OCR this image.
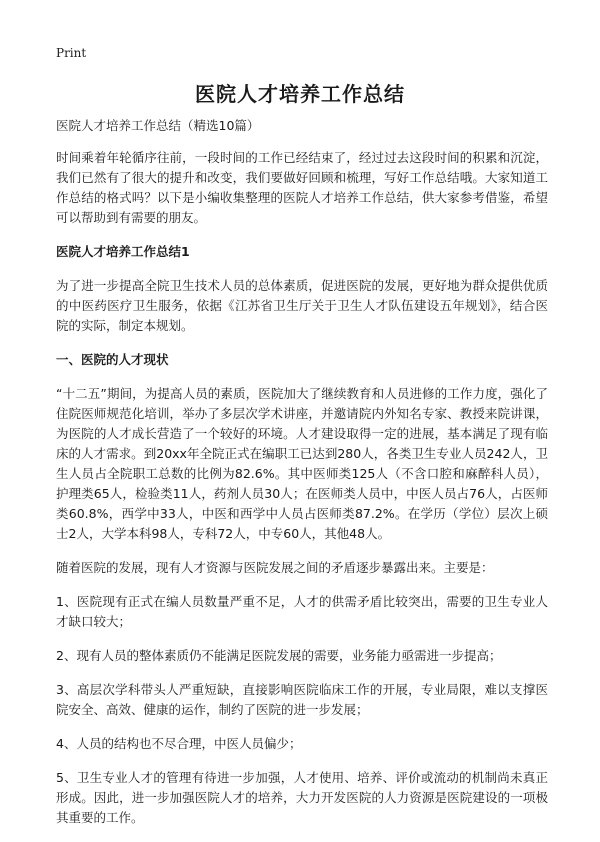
Print
医院人才培养工作总结

医院人才培养工作总结（精选10篇）

时间乘着年轮循序往前，一段时间的工作已经结束了，经过过去这段时间的积累和沉淀，我们已然有了很大的提升和改变，我们要做好回顾和梳理，写好工作总结哦。大家知道工作总结的格式吗？以下是小编收集整理的医院人才培养工作总结，供大家参考借鉴，希望可以帮助到有需要的朋友。

医院人才培养工作总结1

为了进一步提高全院卫生技术人员的总体素质，促进医院的发展，更好地为群众提供优质的中医药医疗卫生服务，依据《江苏省卫生厅关于卫生人才队伍建设五年规划》，结合医院的实际，制定本规划。

一、医院的人才现状

“十二五”期间，为提高人员的素质，医院加大了继续教育和人员进修的工作力度，强化了住院医师规范化培训，举办了多层次学术讲座，并邀请院内外知名专家、教授来院讲课，为医院的人才成长营造了一个较好的环境。人才建设取得一定的进展，基本满足了现有临床的人才需求。到20xx年全院正式在编职工已达到280人，各类卫生专业人员242人，卫生人员占全院职工总数的比例为82.6%。其中医师类125人（不含口腔和麻醉科人员），护理类65人，检验类11人，药剂人员30人；在医师类人员中，中医人员占76人，占医师类60.8%，西学中33人，中医和西学中人员占医师类87.2%。在学历（学位）层次上硕士2人，大学本科98人，专科72人，中专60人，其他48人。

随着医院的发展，现有人才资源与医院发展之间的矛盾逐步暴露出来。主要是：

1、医院现有正式在编人员数量严重不足，人才的供需矛盾比较突出，需要的卫生专业人才缺口较大；

2、现有人员的整体素质仍不能满足医院发展的需要，业务能力亟需进一步提高；

3、高层次学科带头人严重短缺，直接影响医院临床工作的开展，专业局限，难以支撑医院安全、高效、健康的运作，制约了医院的进一步发展；

4、人员的结构也不尽合理，中医人员偏少；

5、卫生专业人才的管理有待进一步加强，人才使用、培养、评价或流动的机制尚未真正形成。因此，进一步加强医院人才的培养，大力开发医院的人力资源是医院建设的一项极其重要的工作。
